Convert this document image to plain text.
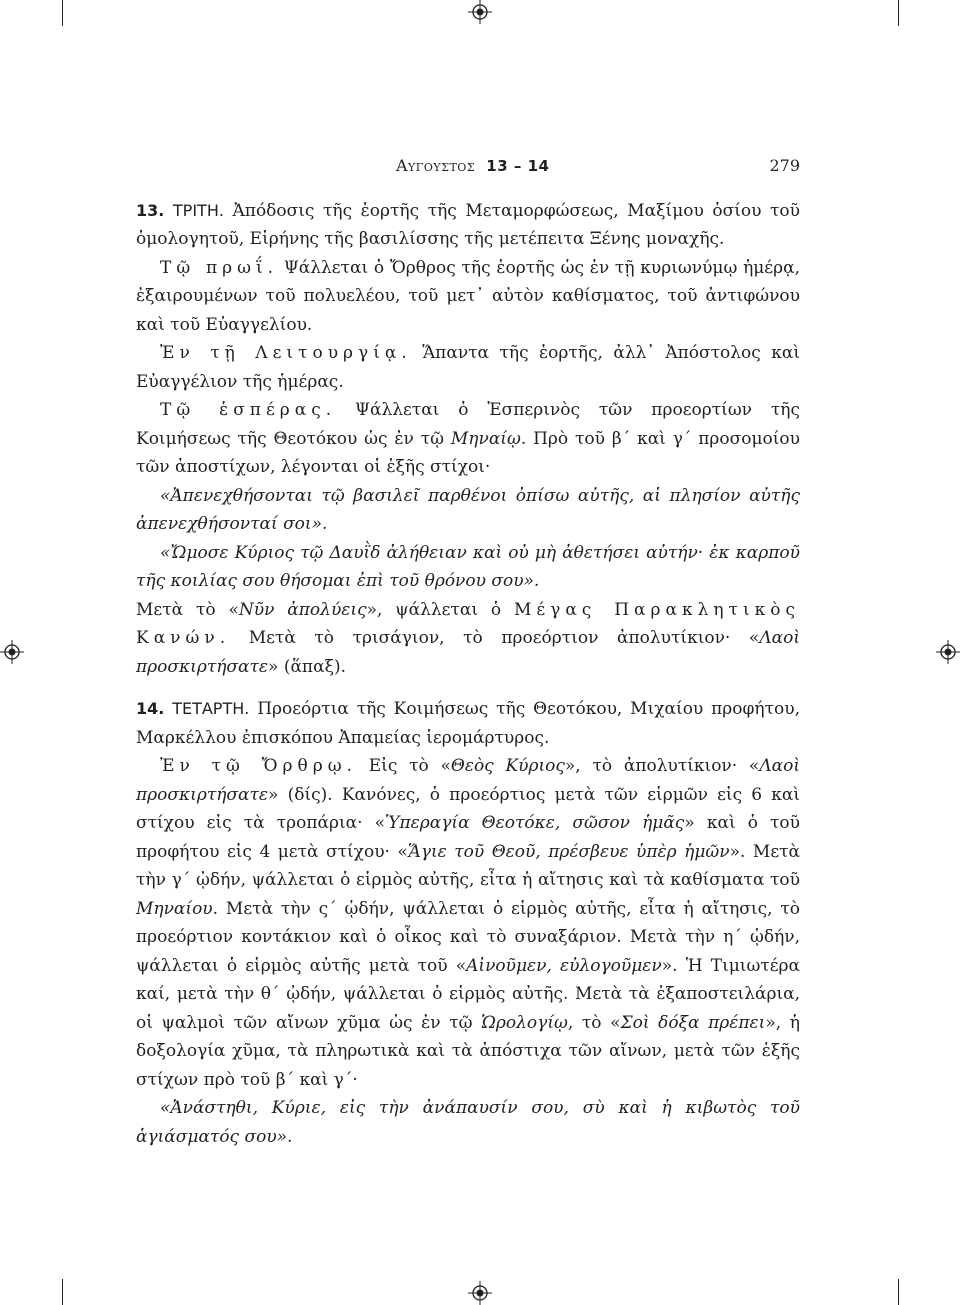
Αυγουστος 13 – 14	279

13. ΤΡΙΤΗ. Ἀπόδοσις τῆς ἑορτῆς τῆς Μεταμορφώσεως, Μαξίμου ὁσίου τοῦ ὁμολογητοῦ, Εἰρήνης τῆς βασιλίσσης τῆς μετέπειτα Ξένης μοναχῆς.

Τῷ πρωΐ. Ψάλλεται ὁ Ὄρθρος τῆς ἑορτῆς ὡς ἐν τῇ κυριωνύμῳ ἡμέρᾳ, ἐξαιρουμένων τοῦ πολυελέου, τοῦ μετ᾿ αὐτὸν καθίσματος, τοῦ ἀντιφώνου καὶ τοῦ Εὐαγγελίου.

Ἐν τῇ Λειτουργίᾳ. Ἅπαντα τῆς ἑορτῆς, ἀλλ᾿ Ἀπόστολος καὶ Εὐαγγέλιον τῆς ἡμέρας.

Τῷ ἑσπέρας. Ψάλλεται ὁ Ἑσπερινὸς τῶν προεορτίων τῆς Κοιμήσεως τῆς Θεοτόκου ὡς ἐν τῷ Μηναίῳ. Πρὸ τοῦ β΄ καὶ γ΄ προσομοίου τῶν ἀποστίχων, λέγονται οἱ ἑξῆς στίχοι·

«Ἀπενεχθήσονται τῷ βασιλεῖ παρθένοι ὀπίσω αὐτῆς, αἱ πλησίον αὐτῆς ἀπενεχθήσονταί σοι».

«Ὤμοσε Κύριος τῷ Δαυῒδ ἀλήθειαν καὶ οὐ μὴ ἀθετήσει αὐτήν· ἐκ καρποῦ τῆς κοιλίας σου θήσομαι ἐπὶ τοῦ θρόνου σου».

Μετὰ τὸ «Νῦν ἀπολύεις», ψάλλεται ὁ Μέγας Παρακλητικὸς Κανών. Μετὰ τὸ τρισάγιον, τὸ προεόρτιον ἀπολυτίκιον· «Λαοὶ προσκιρτήσατε» (ἅπαξ).

14. ΤΕΤΑΡΤΗ. Προεόρτια τῆς Κοιμήσεως τῆς Θεοτόκου, Μιχαίου προφήτου, Μαρκέλλου ἐπισκόπου Ἀπαμείας ἱερομάρτυρος.

Ἐν τῷ Ὄρθρῳ. Εἰς τὸ «Θεὸς Κύριος», τὸ ἀπολυτίκιον· «Λαοὶ προσκιρτήσατε» (δίς). Κανόνες, ὁ προεόρτιος μετὰ τῶν εἱρμῶν εἰς 6 καὶ στίχου εἰς τὰ τροπάρια· «Ὑπεραγία Θεοτόκε, σῶσον ἡμᾶς» καὶ ὁ τοῦ προφήτου εἰς 4 μετὰ στίχου· «Ἅγιε τοῦ Θεοῦ, πρέσβευε ὑπὲρ ἡμῶν». Μετὰ τὴν γ΄ ᾠδήν, ψάλλεται ὁ εἱρμὸς αὐτῆς, εἶτα ἡ αἴτησις καὶ τὰ καθίσματα τοῦ Μηναίου. Μετὰ τὴν ς΄ ᾠδήν, ψάλλεται ὁ εἱρμὸς αὐτῆς, εἶτα ἡ αἴτησις, τὸ προεόρτιον κοντάκιον καὶ ὁ οἶκος καὶ τὸ συναξάριον. Μετὰ τὴν η΄ ᾠδήν, ψάλλεται ὁ εἱρμὸς αὐτῆς μετὰ τοῦ «Αἰνοῦμεν, εὐλογοῦμεν». Ἡ Τιμιωτέρα καί, μετὰ τὴν θ΄ ᾠδήν, ψάλλεται ὁ εἱρμὸς αὐτῆς. Μετὰ τὰ ἐξαποστειλάρια, οἱ ψαλμοὶ τῶν αἴνων χῦμα ὡς ἐν τῷ Ὡρολογίῳ, τὸ «Σοὶ δόξα πρέπει», ἡ δοξολογία χῦμα, τὰ πληρωτικὰ καὶ τὰ ἀπόστιχα τῶν αἴνων, μετὰ τῶν ἑξῆς στίχων πρὸ τοῦ β΄ καὶ γ΄·

«Ἀνάστηθι, Κύριε, εἰς τὴν ἀνάπαυσίν σου, σὺ καὶ ἡ κιβωτὸς τοῦ ἁγιάσματός σου».
